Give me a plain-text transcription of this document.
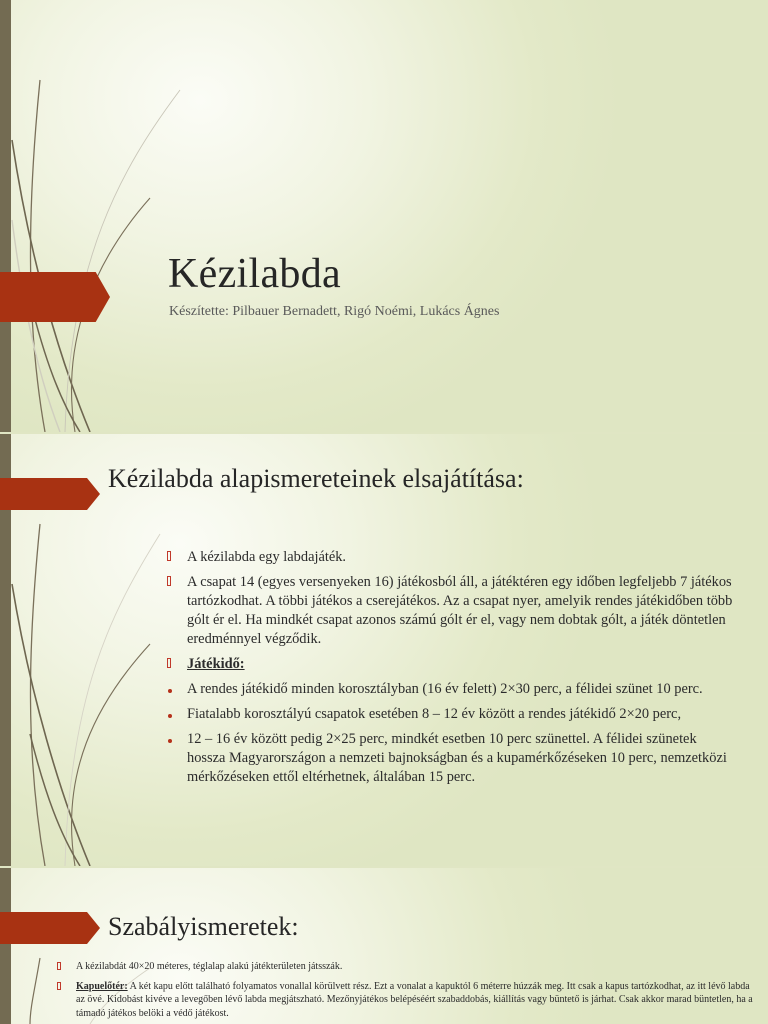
Kézilabda
Készítette: Pilbauer Bernadett, Rigó Noémi, Lukács Ágnes
Kézilabda alapismereteinek elsajátítása:
A kézilabda egy labdajáték.
A csapat 14 (egyes versenyeken 16) játékosból áll, a játéktéren egy időben legfeljebb 7 játékos tartózkodhat. A többi játékos a cserejátékos. Az a csapat nyer, amelyik rendes játékidőben több gólt ér el. Ha mindkét csapat azonos számú gólt ér el, vagy nem dobtak gólt, a játék döntetlen eredménnyel végződik.
Játékidő:
A rendes játékidő minden korosztályban (16 év felett) 2×30 perc, a félidei szünet 10 perc.
Fiatalabb korosztályú csapatok esetében 8 – 12 év között a rendes játékidő 2×20 perc,
12 – 16 év között pedig 2×25 perc, mindkét esetben 10 perc szünettel. A félidei szünetek hossza Magyarországon a nemzeti bajnokságban és a kupamérkőzéseken 10 perc, nemzetközi mérkőzéseken ettől eltérhetnek, általában 15 perc.
Szabályismeretek:
A kézilabdát 40×20 méteres, téglalap alakú játékterületen játsszák.
Kapuelőtér: A két kapu előtt található folyamatos vonallal körülvett rész. Ezt a vonalat a kapuktól 6 méterre húzzák meg. Itt csak a kapus tartózkodhat, az itt lévő labda az övé. Kidobást kivéve a levegőben lévő labda megjátszható. Mezőnyjátékos belépéséért szabaddobás, kiállítás vagy büntető is járhat. Csak akkor marad büntetlen, ha a támadó játékos belöki a védő játékost.
